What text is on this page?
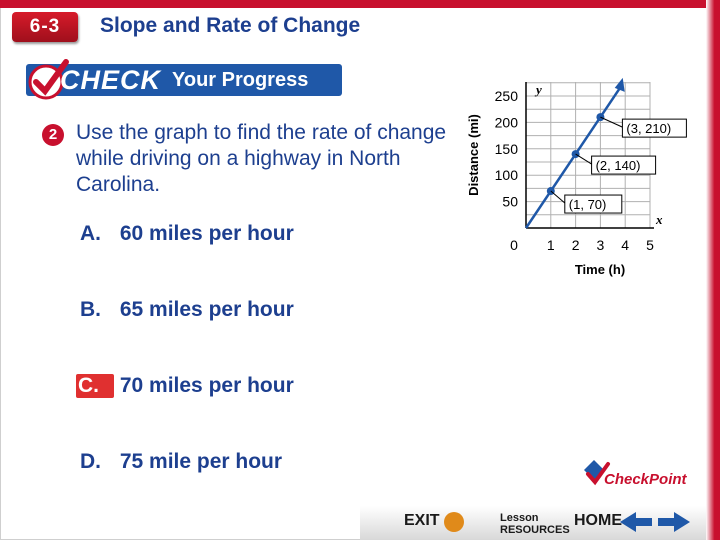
6-3	Slope and Rate of Change
CHECK Your Progress
2 Use the graph to find the rate of change while driving on a highway in North Carolina.
A. 60 miles per hour
B. 65 miles per hour
C. 70 miles per hour
D. 75 mile per hour
x
y
0 1 2 3 4 5
50
100
150
200
250
Time (h)
Distance (mi)
(1, 70)
(2, 140)
(3, 210)
CheckPoint
EXIT	Lesson RESOURCES
HOME
